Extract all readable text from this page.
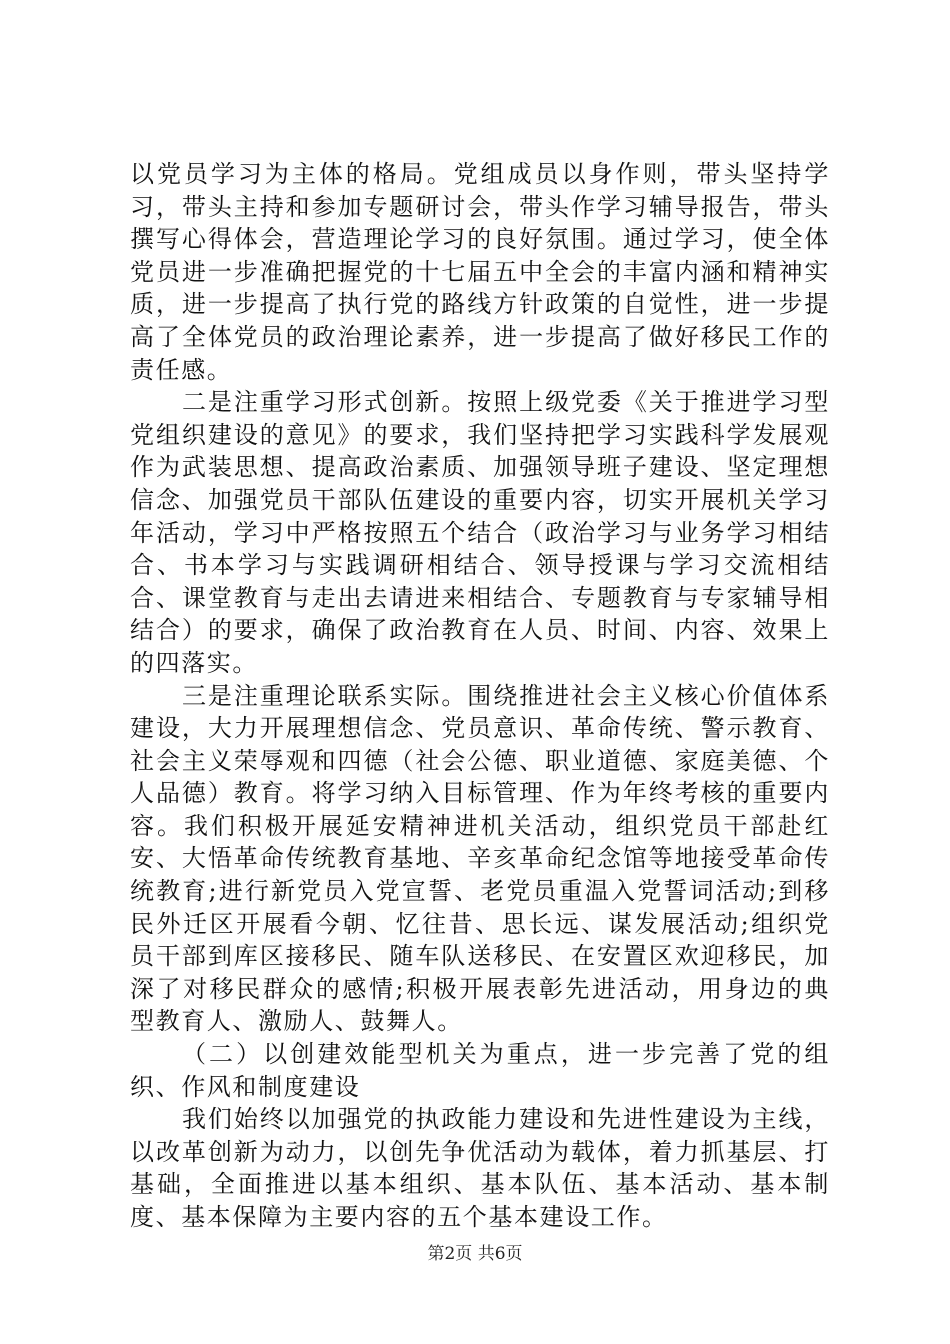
以党员学习为主体的格局。党组成员以身作则，带头坚持学习，带头主持和参加专题研讨会，带头作学习辅导报告，带头撰写心得体会，营造理论学习的良好氛围。通过学习，使全体党员进一步准确把握党的十七届五中全会的丰富内涵和精神实质，进一步提高了执行党的路线方针政策的自觉性，进一步提高了全体党员的政治理论素养，进一步提高了做好移民工作的责任感。

二是注重学习形式创新。按照上级党委《关于推进学习型党组织建设的意见》的要求，我们坚持把学习实践科学发展观作为武装思想、提高政治素质、加强领导班子建设、坚定理想信念、加强党员干部队伍建设的重要内容，切实开展机关学习年活动，学习中严格按照五个结合（政治学习与业务学习相结合、书本学习与实践调研相结合、领导授课与学习交流相结合、课堂教育与走出去请进来相结合、专题教育与专家辅导相结合）的要求，确保了政治教育在人员、时间、内容、效果上的四落实。

三是注重理论联系实际。围绕推进社会主义核心价值体系建设，大力开展理想信念、党员意识、革命传统、警示教育、社会主义荣辱观和四德（社会公德、职业道德、家庭美德、个人品德）教育。将学习纳入目标管理、作为年终考核的重要内容。我们积极开展延安精神进机关活动，组织党员干部赴红安、大悟革命传统教育基地、辛亥革命纪念馆等地接受革命传统教育;进行新党员入党宣誓、老党员重温入党誓词活动;到移民外迁区开展看今朝、忆往昔、思长远、谋发展活动;组织党员干部到库区接移民、随车队送移民、在安置区欢迎移民，加深了对移民群众的感情;积极开展表彰先进活动，用身边的典型教育人、激励人、鼓舞人。

（二）以创建效能型机关为重点，进一步完善了党的组织、作风和制度建设

我们始终以加强党的执政能力建设和先进性建设为主线，以改革创新为动力，以创先争优活动为载体，着力抓基层、打基础，全面推进以基本组织、基本队伍、基本活动、基本制度、基本保障为主要内容的五个基本建设工作。

第2页 共6页
